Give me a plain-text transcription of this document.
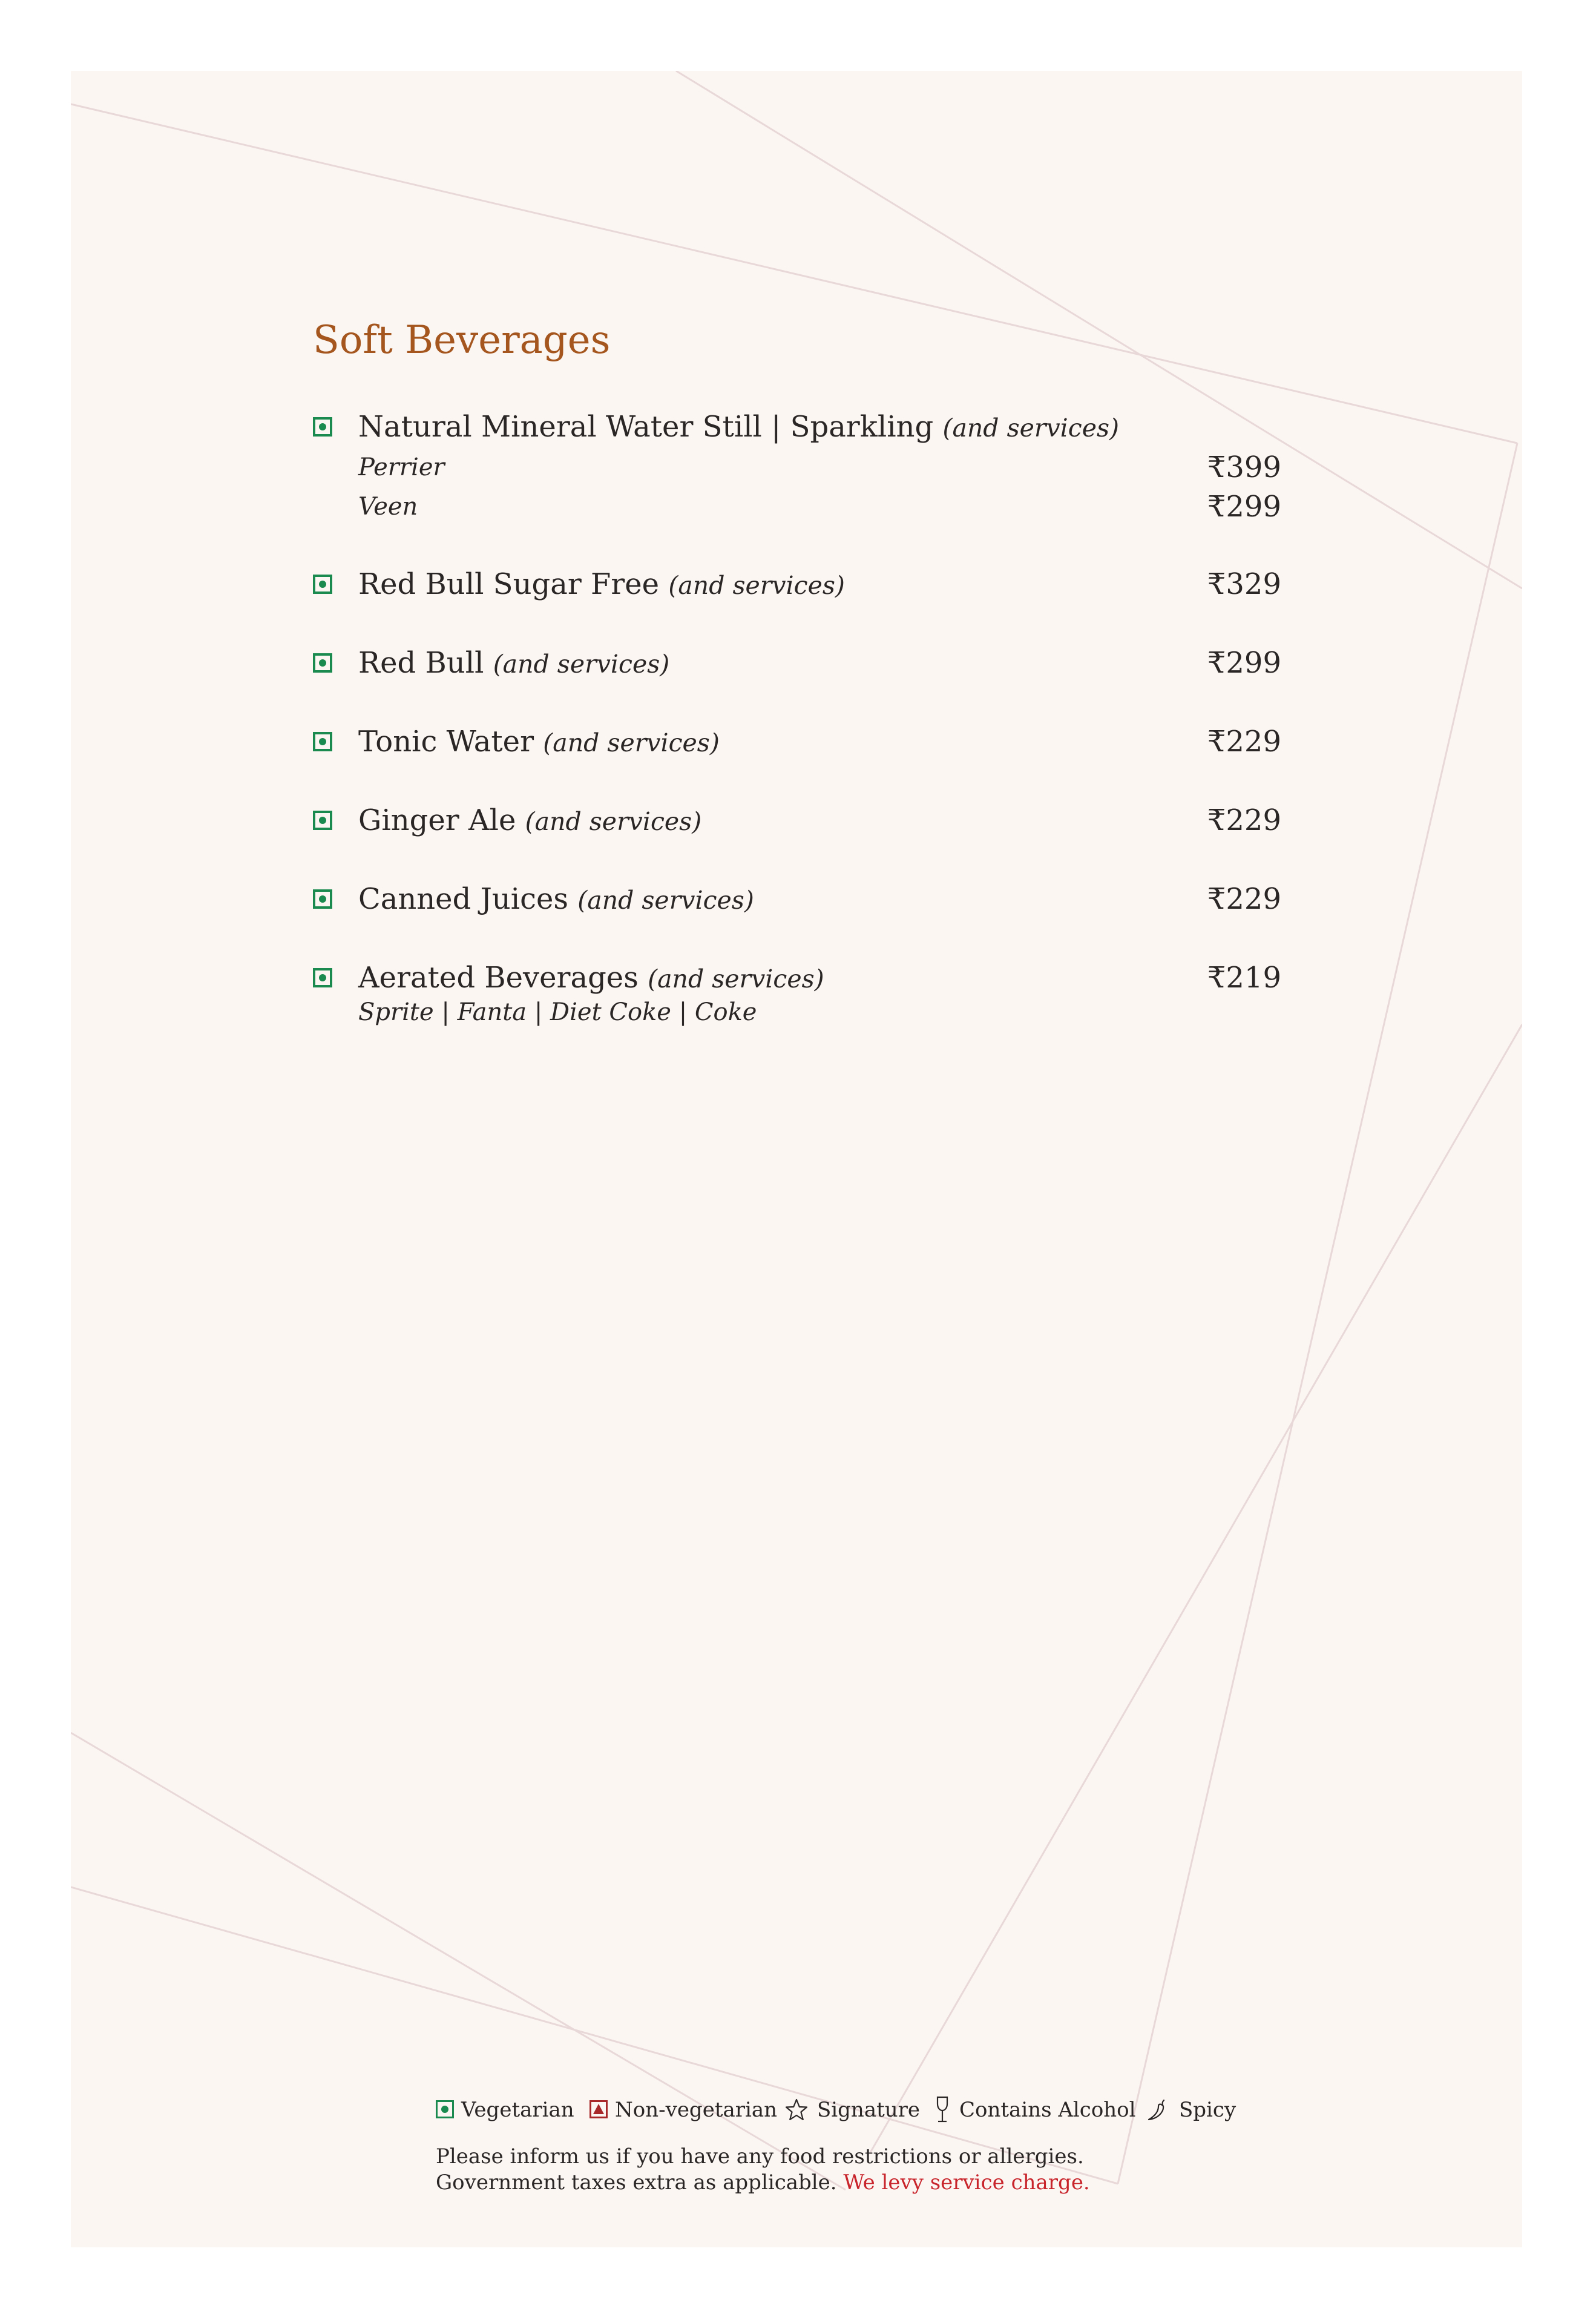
Soft Beverages
Natural Mineral Water Still | Sparkling (and services)
Perrier	₹399
Veen	₹299
Red Bull Sugar Free (and services)	₹329
Red Bull (and services)	₹299
Tonic Water (and services)	₹229
Ginger Ale (and services)	₹229
Canned Juices (and services)	₹229
Aerated Beverages (and services)	₹219
Sprite | Fanta | Diet Coke | Coke
Vegetarian Non-vegetarian Signature Contains Alcohol Spicy
Please inform us if you have any food restrictions or allergies.
Government taxes extra as applicable. We levy service charge.
